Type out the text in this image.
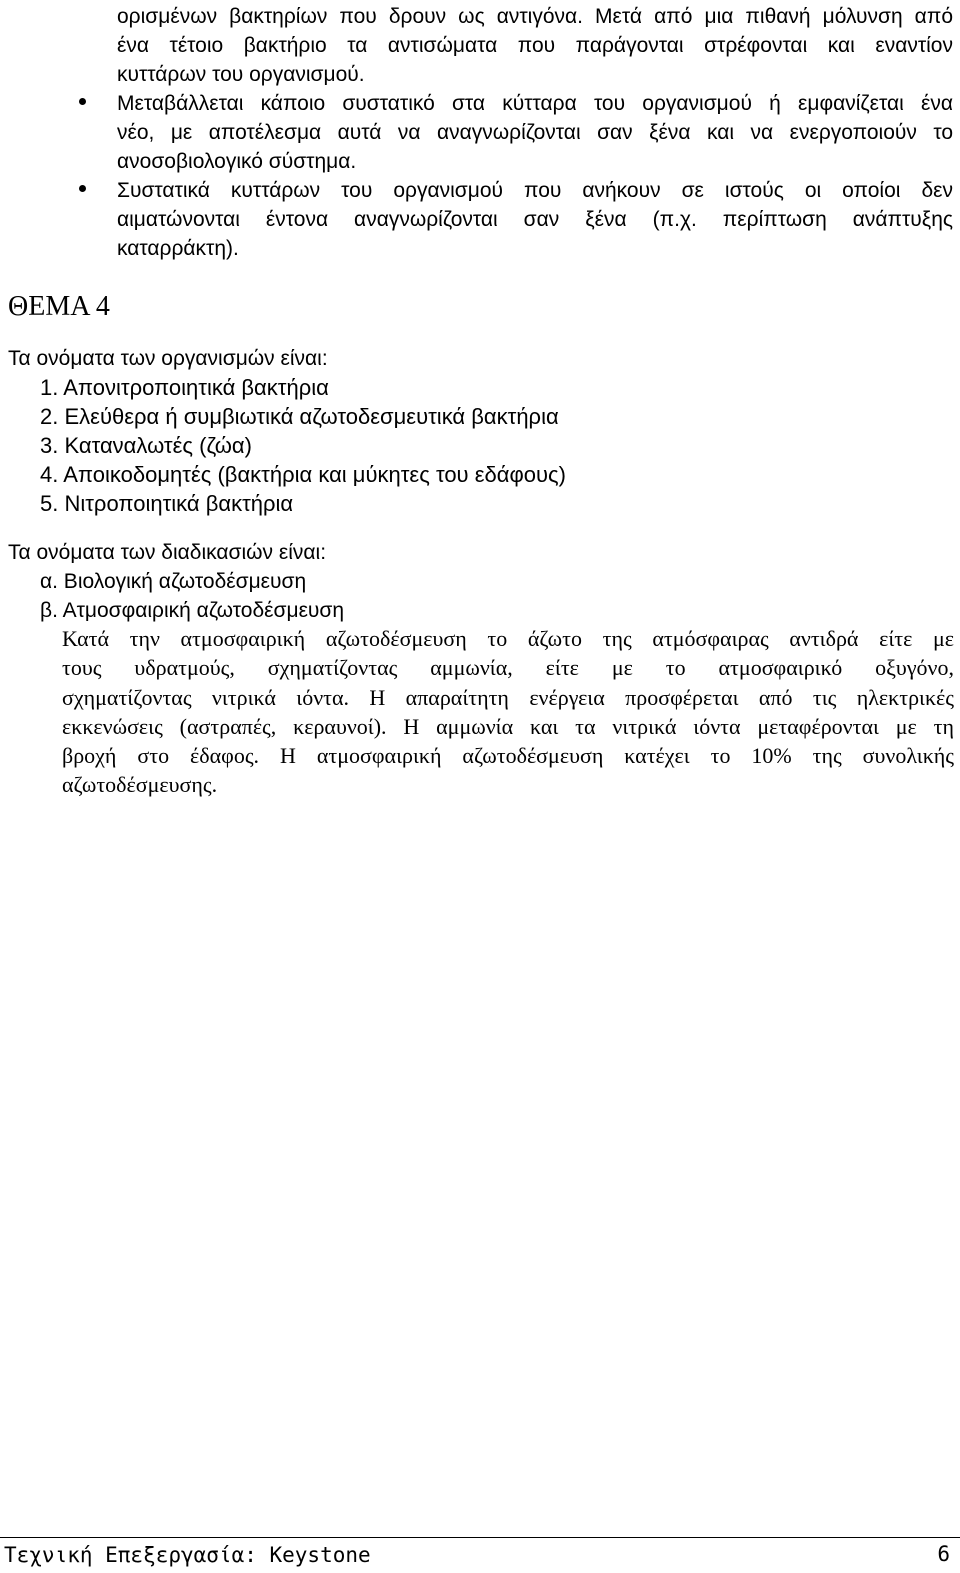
ορισμένων βακτηρίων που δρουν ως αντιγόνα. Μετά από μια πιθανή μόλυνση από
ένα τέτοιο βακτήριο τα αντισώματα που παράγονται στρέφονται και εναντίον
κυττάρων του οργανισμού.
Μεταβάλλεται κάποιο συστατικό στα κύτταρα του οργανισμού ή εμφανίζεται ένα
νέο, με αποτέλεσμα αυτά να αναγνωρίζονται σαν ξένα και να ενεργοποιούν το
ανοσοβιολογικό σύστημα.
Συστατικά κυττάρων του οργανισμού που ανήκουν σε ιστούς οι οποίοι δεν
αιματώνονται έντονα αναγνωρίζονται σαν ξένα (π.χ. περίπτωση ανάπτυξης
καταρράκτη).
ΘΕΜΑ 4
Τα ονόματα των οργανισμών είναι:
1. Απονιτροποιητικά βακτήρια
2. Ελεύθερα ή συμβιωτικά αζωτοδεσμευτικά βακτήρια
3. Καταναλωτές (ζώα)
4. Αποικοδομητές (βακτήρια και μύκητες του εδάφους)
5. Νιτροποιητικά βακτήρια
Τα ονόματα των διαδικασιών είναι:
α. Βιολογική αζωτοδέσμευση
β. Ατμοσφαιρική αζωτοδέσμευση
Κατά την ατμοσφαιρική αζωτοδέσμευση το άζωτο της ατμόσφαιρας αντιδρά είτε με
τους υδρατμούς, σχηματίζοντας αμμωνία, είτε με το ατμοσφαιρικό οξυγόνο,
σχηματίζοντας νιτρικά ιόντα. Η απαραίτητη ενέργεια προσφέρεται από τις ηλεκτρικές
εκκενώσεις (αστραπές, κεραυνοί). Η αμμωνία και τα νιτρικά ιόντα μεταφέρονται με τη
βροχή στο έδαφος. Η ατμοσφαιρική αζωτοδέσμευση κατέχει το 10% της συνολικής
αζωτοδέσμευσης.
Τεχνική Επεξεργασία: Keystone	6
